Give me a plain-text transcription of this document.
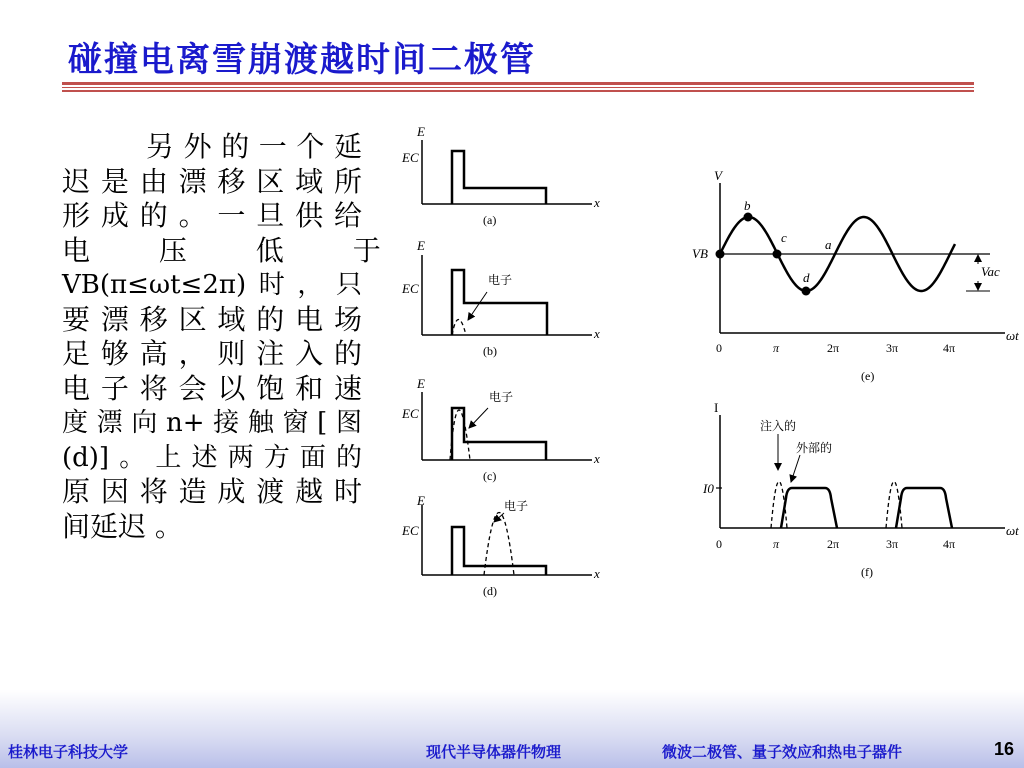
碰撞电离雪崩渡越时间二极管
另外的一个延
迟是由漂移区域所
形成的。一旦供给
电 压 低 于
VB(π≤ωt≤2π)时，只
要漂移区域的电场
足够高，则注入的
电子将会以饱和速
度漂向n+接触窗[图
(d)]。上述两方面的
原因将造成渡越时
间延迟 。
E
EC
x
(a)
电子
E
EC
x
(b)
电子
E
EC
x
(c)
电子
E
EC
x
(d)
Vac
b
c	a
d
V
VB
ωt
0	π	2π	3π	4π
(e)
注入的
外部的
I
I0
ωt
0	π	2π	3π	4π
(f)
桂林电子科技大学	现代半导体器件物理	微波二极管、量子效应和热电子器件	16
